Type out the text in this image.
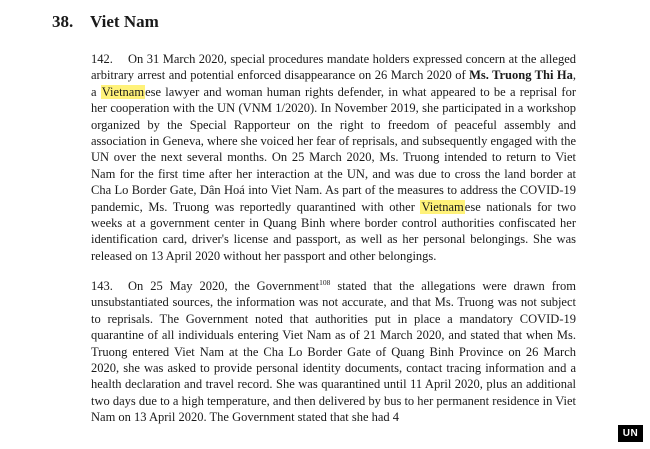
38. Viet Nam
142. On 31 March 2020, special procedures mandate holders expressed concern at the alleged arbitrary arrest and potential enforced disappearance on 26 March 2020 of Ms. Truong Thi Ha, a Vietnamese lawyer and woman human rights defender, in what appeared to be a reprisal for her cooperation with the UN (VNM 1/2020). In November 2019, she participated in a workshop organized by the Special Rapporteur on the right to freedom of peaceful assembly and association in Geneva, where she voiced her fear of reprisals, and subsequently engaged with the UN over the next several months. On 25 March 2020, Ms. Truong intended to return to Viet Nam for the first time after her interaction at the UN, and was due to cross the land border at Cha Lo Border Gate, Dân Hoá into Viet Nam. As part of the measures to address the COVID-19 pandemic, Ms. Truong was reportedly quarantined with other Vietnamese nationals for two weeks at a government center in Quang Binh where border control authorities confiscated her identification card, driver's license and passport, as well as her personal belongings. She was released on 13 April 2020 without her passport and other belongings.
143. On 25 May 2020, the Government$^{108}$ stated that the allegations were drawn from unsubstantiated sources, the information was not accurate, and that Ms. Truong was not subject to reprisals. The Government noted that authorities put in place a mandatory COVID-19 quarantine of all individuals entering Viet Nam as of 21 March 2020, and stated that when Ms. Truong entered Viet Nam at the Cha Lo Border Gate of Quang Binh Province on 26 March 2020, she was asked to provide personal identity documents, contact tracing information and a health declaration and travel record. She was quarantined until 11 April 2020, plus an additional two days due to a high temperature, and then delivered by bus to her permanent residence in Viet Nam on 13 April 2020. The Government stated that she had 4
UN
